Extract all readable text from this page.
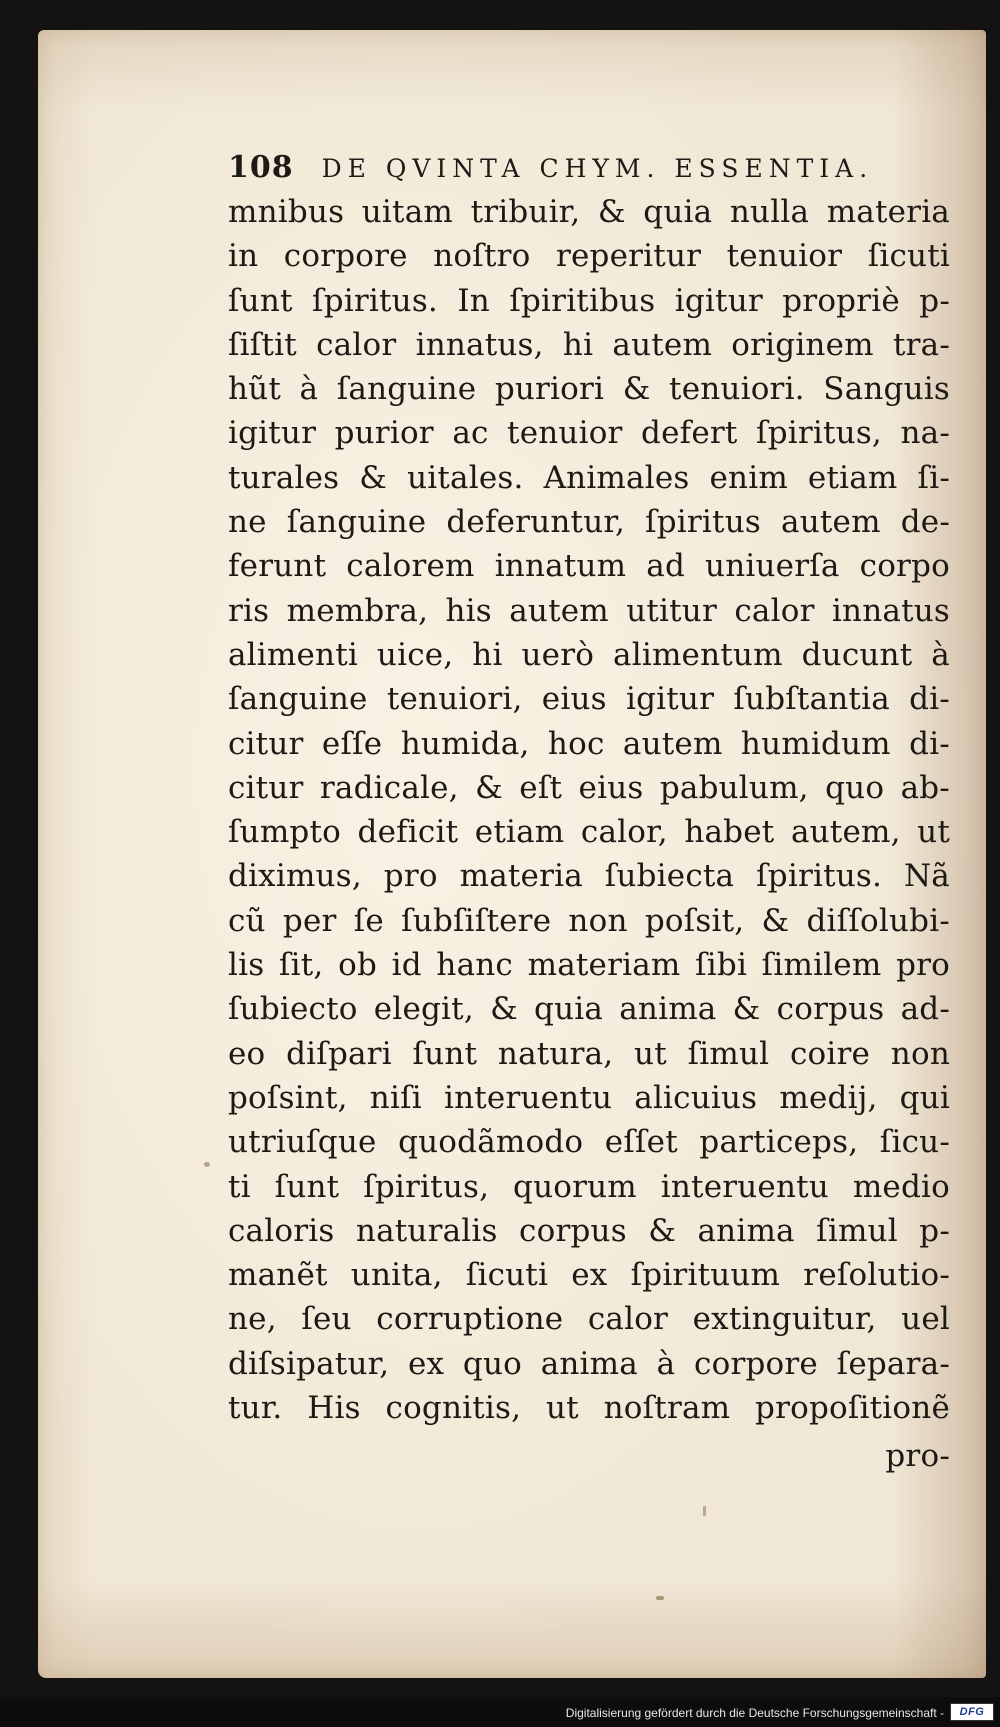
108 DE QVINTA CHYM. ESSENTIA.
mnibus uitam tribuir, & quia nulla materia
in corpore noſtro reperitur tenuior ſicuti
ſunt ſpiritus. In ſpiritibus igitur propriè p-
ſiſtit calor innatus, hi autem originem tra-
hũt à ſanguine puriori & tenuiori. Sanguis
igitur purior ac tenuior defert ſpiritus, na-
turales & uitales. Animales enim etiam ſi-
ne ſanguine deferuntur, ſpiritus autem de-
ferunt calorem innatum ad uniuerſa corpo
ris membra, his autem utitur calor innatus
alimenti uice, hi uerò alimentum ducunt à
ſanguine tenuiori, eius igitur ſubſtantia di-
citur eſſe humida, hoc autem humidum di-
citur radicale, & eſt eius pabulum, quo ab-
ſumpto deficit etiam calor, habet autem, ut
diximus, pro materia ſubiecta ſpiritus. Nã
cũ per ſe ſubſiſtere non poſsit, & diſſolubi-
lis ſit, ob id hanc materiam ſibi ſimilem pro
ſubiecto elegit, & quia anima & corpus ad-
eo diſpari ſunt natura, ut ſimul coire non
poſsint, niſi interuentu alicuius medij, qui
utriuſque quodãmodo eſſet particeps, ſicu-
ti ſunt ſpiritus, quorum interuentu medio
caloris naturalis corpus & anima ſimul p-
manẽt unita, ſicuti ex ſpirituum reſolutio-
ne, ſeu corruptione calor extinguitur, uel
diſsipatur, ex quo anima à corpore ſepara-
tur. His cognitis, ut noſtram propoſitionẽ
pro-
Digitalisierung gefördert durch die Deutsche Forschungsgemeinschaft -	DFG
